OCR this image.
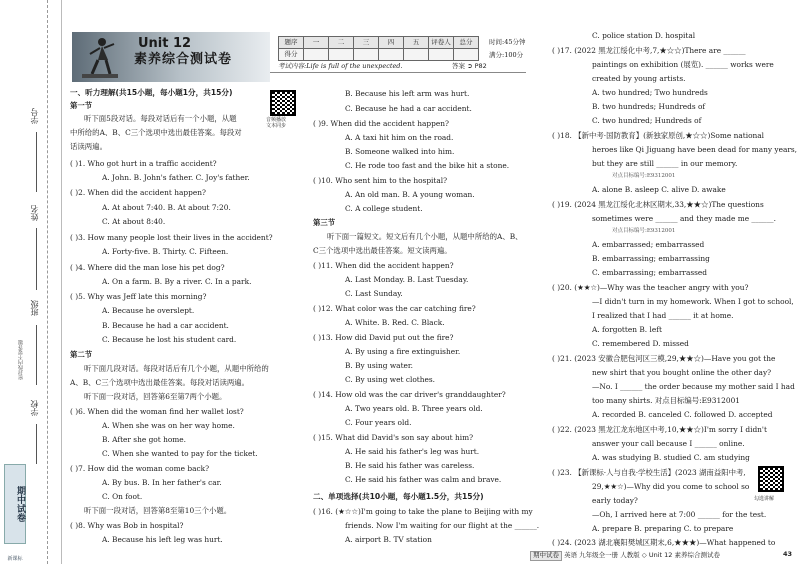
学号
姓名
班级
学校
密封线内不要答题
期中试卷
新课标
Unit 12
素养综合测试卷
题序	一	二	三	四	五	评卷人	总分
得分							
时间:45分钟
满分:100分
考试内容:Life is full of the unexpected.	答案 ➲ P82
一、听力理解(共15小题，每小题1分，共15分)
第一节
音频播放
文本同步
听下面5段对话。每段对话后有一个小题，从题
中所给的A、B、C三个选项中选出最佳答案。每段对
话读两遍。
( )1. Who got hurt in a traffic accident?
A. John. B. John's father. C. Joy's father.
( )2. When did the accident happen?
A. At about 7:40. B. At about 7:20.
C. At about 8:40.
( )3. How many people lost their lives in the accident?
A. Forty-five. B. Thirty. C. Fifteen.
( )4. Where did the man lose his pet dog?
A. On a farm. B. By a river. C. In a park.
( )5. Why was Jeff late this morning?
A. Because he overslept.
B. Because he had a car accident.
C. Because he lost his student card.
第二节
听下面几段对话。每段对话后有几个小题，从题中所给的
A、B、C三个选项中选出最佳答案。每段对话读两遍。
听下面一段对话，回答第6至第7两个小题。
( )6. When did the woman find her wallet lost?
A. When she was on her way home.
B. After she got home.
C. When she wanted to pay for the ticket.
( )7. How did the woman come back?
A. By bus. B. In her father's car.
C. On foot.
听下面一段对话，回答第8至第10三个小题。
( )8. Why was Bob in hospital?
A. Because his left leg was hurt.
B. Because his left arm was hurt.
C. Because he had a car accident.
( )9. When did the accident happen?
A. A taxi hit him on the road.
B. Someone walked into him.
C. He rode too fast and the bike hit a stone.
( )10. Who sent him to the hospital?
A. An old man. B. A young woman.
C. A college student.
第三节
听下面一篇短文。短文后有几个小题，从题中所给的A、B、
C三个选项中选出最佳答案。短文读两遍。
( )11. When did the accident happen?
A. Last Monday. B. Last Tuesday.
C. Last Sunday.
( )12. What color was the car catching fire?
A. White. B. Red. C. Black.
( )13. How did David put out the fire?
A. By using a fire extinguisher.
B. By using water.
C. By using wet clothes.
( )14. How old was the car driver's granddaughter?
A. Two years old. B. Three years old.
C. Four years old.
( )15. What did David's son say about him?
A. He said his father's leg was hurt.
B. He said his father was careless.
C. He said his father was calm and brave.
二、单项选择(共10小题，每小题1.5分，共15分)
( )16. (★☆☆)I'm going to take the plane to Beijing with my
friends. Now I'm waiting for our flight at the ______.
A. airport B. TV station
C. police station D. hospital
( )17. (2022 黑龙江绥化中考,7,★☆☆)There are ______
paintings on exhibition (展览). ______ works were
created by young artists.
A. two hundred; Two hundreds
B. two hundreds; Hundreds of
C. two hundred; Hundreds of
( )18. 【新中考·国防教育】(新独家原创,★☆☆)Some national
heroes like Qi Jiguang have been dead for many years,
but they are still ______ in our memory.
对点目标编号:E9312001
A. alone B. asleep C. alive D. awake
( )19. (2024 黑龙江绥化北林区期末,33,★★☆)The questions
sometimes were ______ and they made me ______.
对点目标编号:E9312001
A. embarrassed; embarrassed
B. embarrassing; embarrassing
C. embarrassing; embarrassed
( )20. (★★☆)—Why was the teacher angry with you?
—I didn't turn in my homework. When I got to school,
I realized that I had ______ it at home.
A. forgotten B. left
C. remembered D. missed
( )21. (2023 安徽合肥包河区三模,29,★★☆)—Have you got the
new shirt that you bought online the other day?
—No. I ______ the order because my mother said I had
too many shirts. 对点目标编号:E9312001
A. recorded B. canceled C. followed D. accepted
( )22. (2023 黑龙江龙东地区中考,10,★★☆)I'm sorry I didn't
answer your call because I ______ online.
A. was studying B. studied C. am studying
( )23. 【新课标·人与自我·学校生活】(2023 湖南益阳中考,
29,★★☆)—Why did you come to school so
early today?
—Oh, I arrived here at 7:00 ______ for the test.
A. prepare B. preparing C. to prepare
勾选讲解
( )24. (2023 湖北襄阳樊城区期末,6,★★★)—What happened to
期中试卷 英语 九年级全一册 人教版 ◇ Unit 12 素养综合测试卷	43
